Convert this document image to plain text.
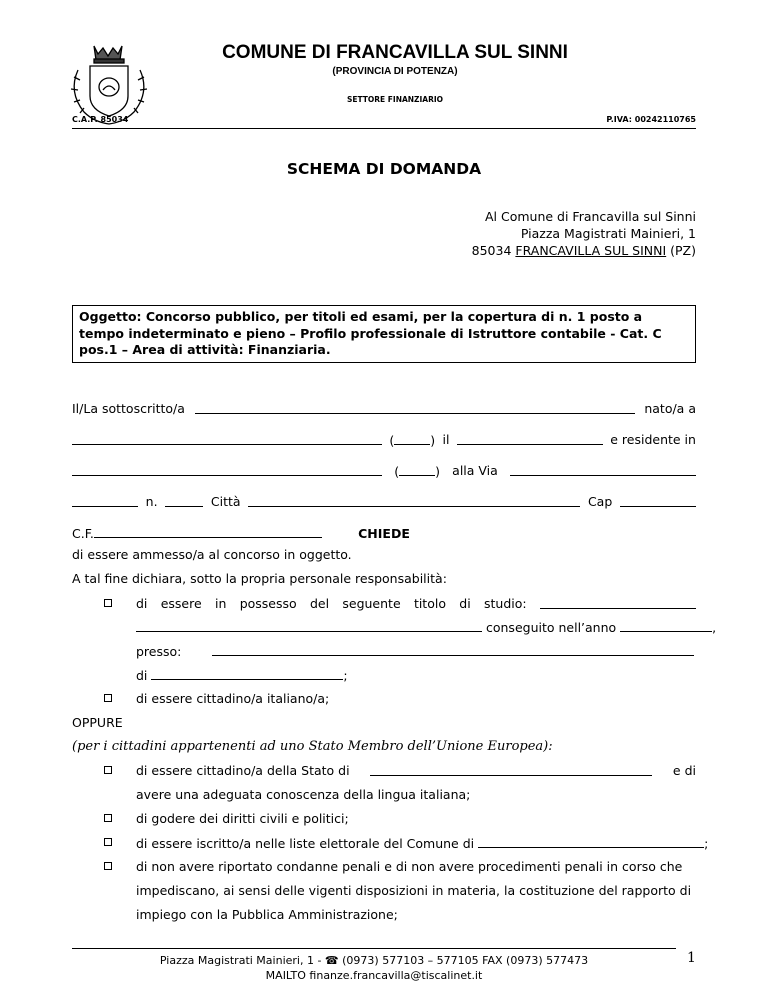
COMUNE DI FRANCAVILLA SUL SINNI
(PROVINCIA DI POTENZA)
SETTORE FINANZIARIO
C.A.P. 85034	P.IVA: 00242110765
SCHEMA DI DOMANDA
Al Comune di Francavilla sul Sinni
Piazza Magistrati Mainieri, 1
85034 FRANCAVILLA SUL SINNI (PZ)
Oggetto: Concorso pubblico, per titoli ed esami, per la copertura di n. 1 posto a tempo indeterminato e pieno – Profilo professionale di Istruttore contabile - Cat. C pos.1 – Area di attività: Finanziaria.
Il/La sottoscritto/a	nato/a a
(	) il	e residente in
(	) alla Via
n.	Città	Cap
C.F.	CHIEDE
di essere ammesso/a al concorso in oggetto.
A tal fine dichiara, sotto la propria personale responsabilità:
di essere in possesso del seguente titolo di studio:
conseguito nell’anno	,
presso:
di	;
di essere cittadino/a italiano/a;
OPPURE
(per i cittadini appartenenti ad uno Stato Membro dell’Unione Europea):
di essere cittadino/a della Stato di	e di
avere una adeguata conoscenza della lingua italiana;
di godere dei diritti civili e politici;
di essere iscritto/a nelle liste elettorale del Comune di	;
di non avere riportato condanne penali e di non avere procedimenti penali in corso che
impediscano, ai sensi delle vigenti disposizioni in materia, la costituzione del rapporto di
impiego con la Pubblica Amministrazione;
Piazza Magistrati Mainieri, 1 - ☎ (0973) 577103 – 577105 FAX (0973) 577473
MAILTO finanze.francavilla@tiscalinet.it
1
